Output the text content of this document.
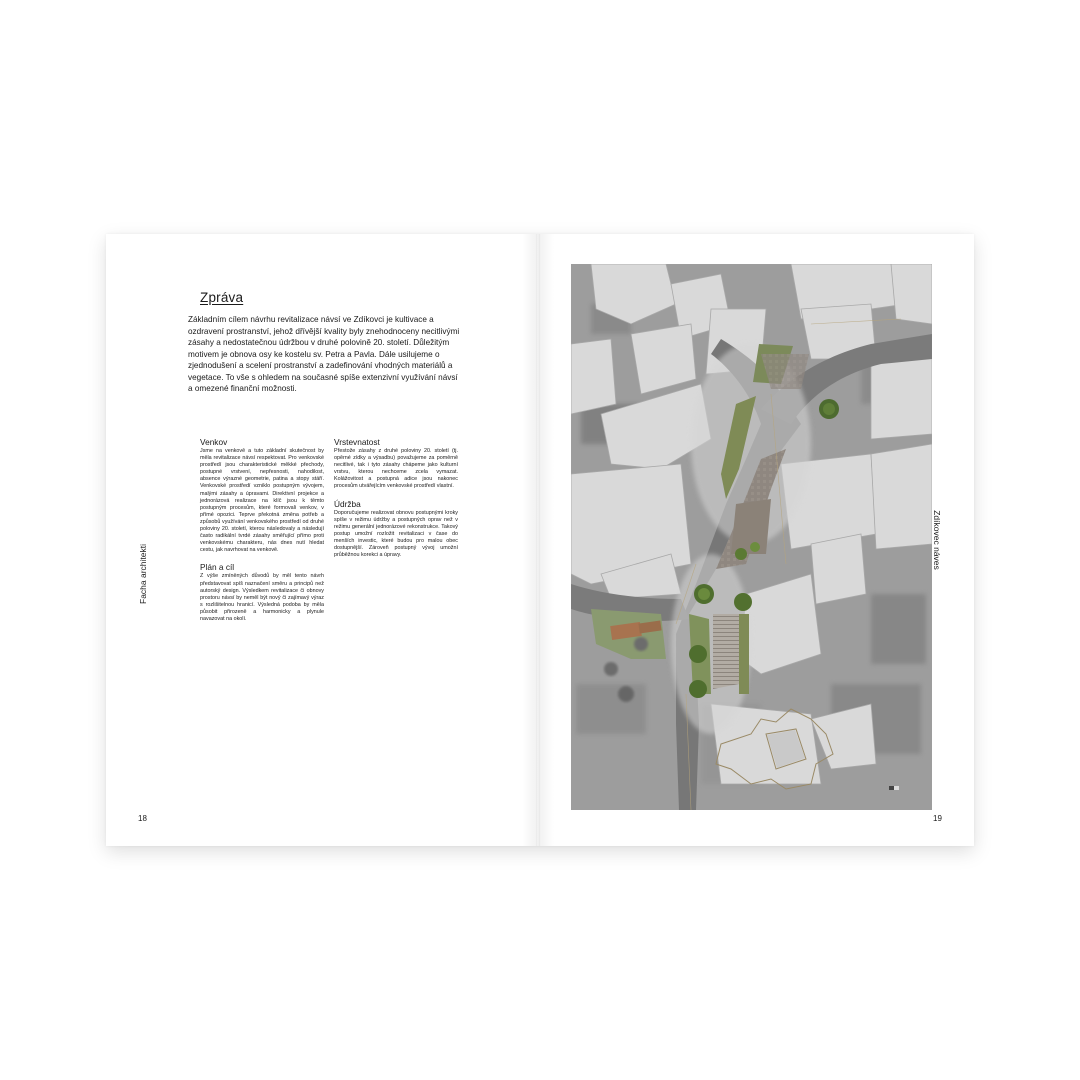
Zpráva

Základním cílem návrhu revitalizace návsí ve Zdíkovci je kultivace a ozdravení prostranství, jehož dřívější kvality byly znehodnoceny necitlivými zásahy a nedostatečnou údržbou v druhé polovině 20. století. Důležitým motivem je obnova osy ke kostelu sv. Petra a Pavla. Dále usilujeme o zjednodušení a scelení prostranství a zadefinování vhodných materiálů a vegetace. To vše s ohledem na současné spíše extenzivní využívání návsí a omezené finanční možnosti.

Venkov

Jsme na venkově a tuto základní skutečnost by měla revitalizace návsí respektovat. Pro venkovské prostředí jsou charakteristické měkké přechody, postupné vrstvení, nepřesnosti, nahodilost, absence výrazné geometrie, patina a stopy stáří. Venkovské prostředí vzniklo postupným vývojem, malými zásahy a úpravami. Direktivní projekce a jednorázová realizace na klíč jsou k těmto postupným procesům, které formovali venkov, v přímé opozici. Teprve překotná změna potřeb a způsobů využívání venkovského prostředí od druhé poloviny 20. století, kterou následovaly a následují často radikální tvrdé zásahy směřující přímo proti venkovskému charakteru, nás dnes nutí hledat cestu, jak navrhovat na venkově.

Plán a cíl

Z výše zmíněných důvodů by měl tento návrh představovat spíš naznačení směru a principů než autorský design. Výsledkem revitalizace či obnovy prostoru návsí by neměl být nový či zajímavý výraz s rozlišitelnou hranicí. Výsledná podoba by měla působit přirozeně a harmonicky a plynule navazovat na okolí.

Vrstevnatost

Přestože zásahy z druhé poloviny 20. století (tj. opěrné zídky a výsadbu) považujeme za poměrně necitlivé, tak i tyto zásahy chápeme jako kulturní vrstvu, kterou nechceme zcela vymazat. Kolážovitost a postupná adice jsou nakonec procesům utvářejícím venkovské prostředí vlastní.

Údržba

Doporučujeme realizovat obnovu postupnými kroky spíše v režimu údržby a postupných oprav než v režimu generální jednorázové rekonstrukce. Takový postup umožní rozložit revitalizaci v čase do menších investic, které budou pro malou obec dostupnější. Zároveň postupný vývoj umožní průběžnou korekci a úpravy.

Facha architekti
18
Zdíkovec náves
19
